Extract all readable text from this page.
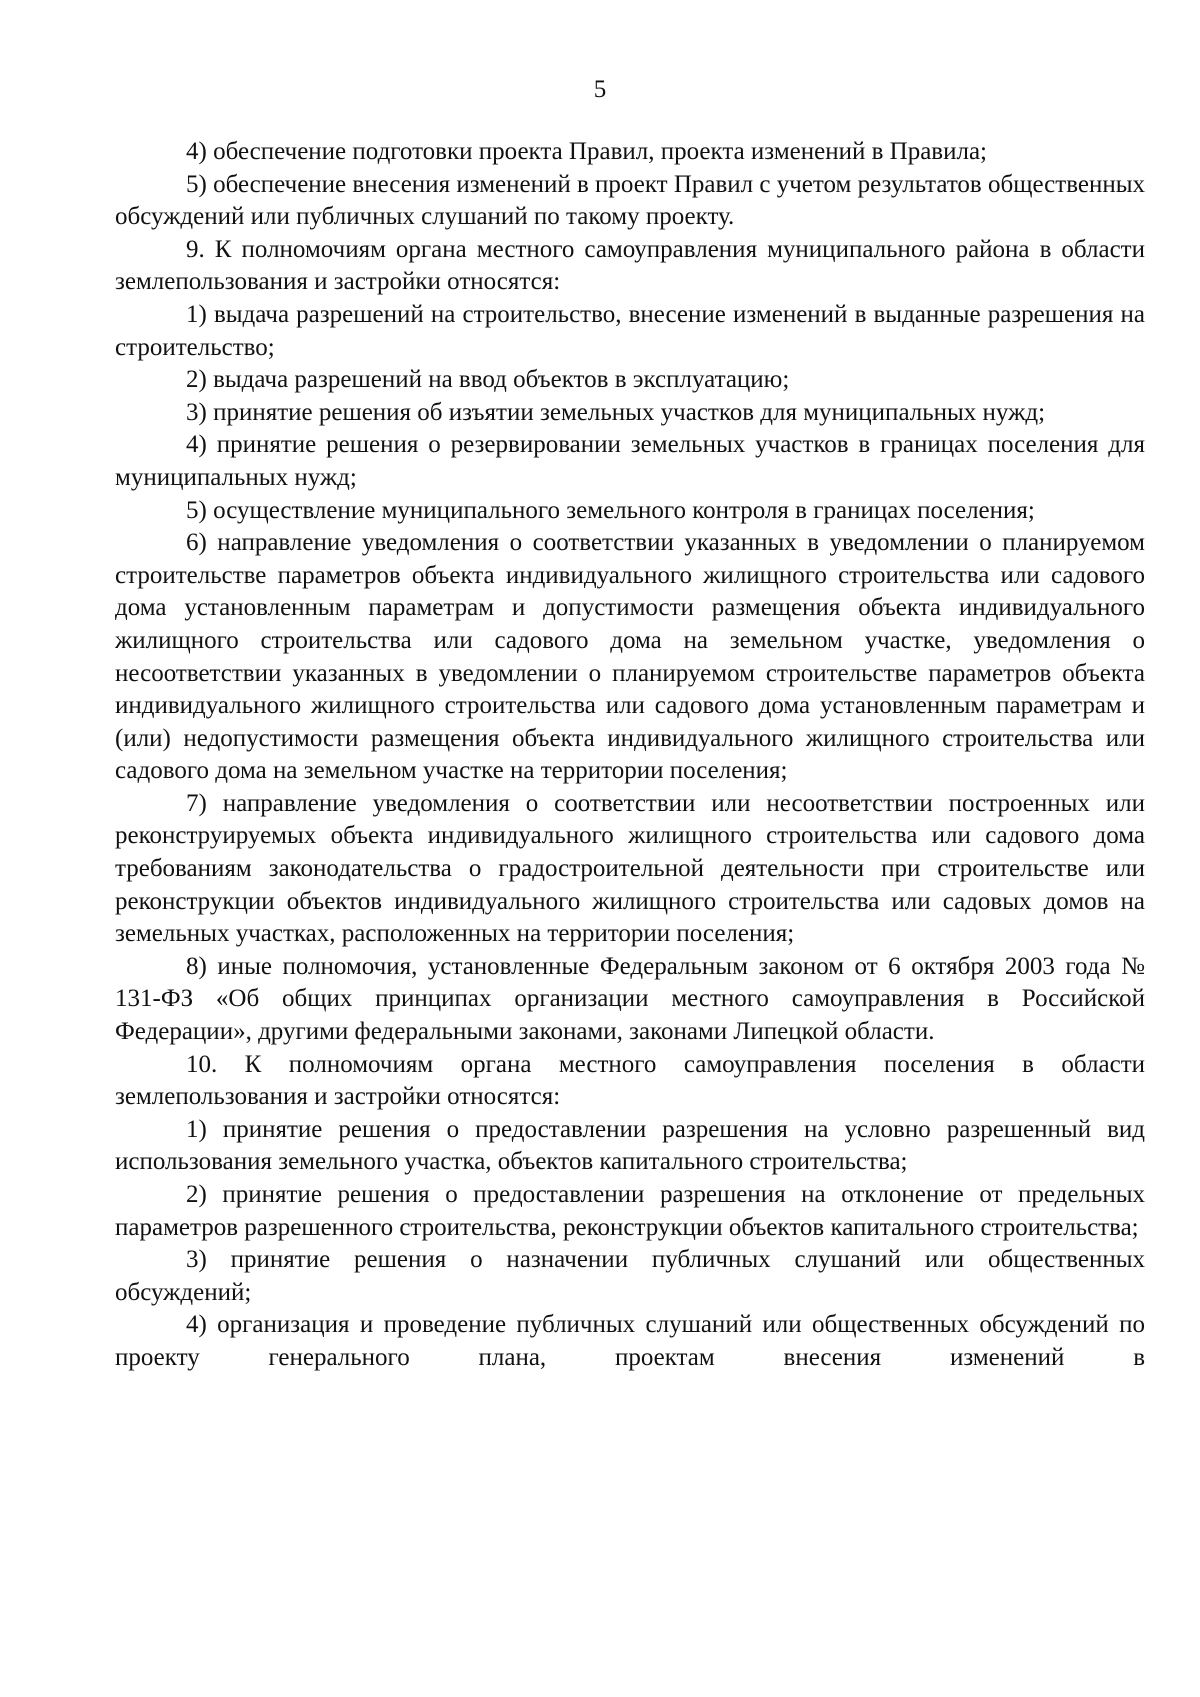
5

4) обеспечение подготовки проекта Правил, проекта изменений в Правила;

5) обеспечение внесения изменений в проект Правил с учетом результатов общественных обсуждений или публичных слушаний по такому проекту.

9. К полномочиям органа местного самоуправления муниципального района в области землепользования и застройки относятся:

1) выдача разрешений на строительство, внесение изменений в выданные разрешения на строительство;

2) выдача разрешений на ввод объектов в эксплуатацию;

3) принятие решения об изъятии земельных участков для муниципальных нужд;

4) принятие решения о резервировании земельных участков в границах поселения для муниципальных нужд;

5) осуществление муниципального земельного контроля в границах поселения;

6) направление уведомления о соответствии указанных в уведомлении о планируемом строительстве параметров объекта индивидуального жилищного строительства или садового дома установленным параметрам и допустимости размещения объекта индивидуального жилищного строительства или садового дома на земельном участке, уведомления о несоответствии указанных в уведомлении о планируемом строительстве параметров объекта индивидуального жилищного строительства или садового дома установленным параметрам и (или) недопустимости размещения объекта индивидуального жилищного строительства или садового дома на земельном участке на территории поселения;

7) направление уведомления о соответствии или несоответствии построенных или реконструируемых объекта индивидуального жилищного строительства или садового дома требованиям законодательства о градостроительной деятельности при строительстве или реконструкции объектов индивидуального жилищного строительства или садовых домов на земельных участках, расположенных на территории поселения;

8) иные полномочия, установленные Федеральным законом от 6 октября 2003 года № 131-ФЗ «Об общих принципах организации местного самоуправления в Российской Федерации», другими федеральными законами, законами Липецкой области.

10. К полномочиям органа местного самоуправления поселения в области землепользования и застройки относятся:

1) принятие решения о предоставлении разрешения на условно разрешенный вид использования земельного участка, объектов капитального строительства;

2) принятие решения о предоставлении разрешения на отклонение от предельных параметров разрешенного строительства, реконструкции объектов капитального строительства;

3) принятие решения о назначении публичных слушаний или общественных обсуждений;

4) организация и проведение публичных слушаний или общественных обсуждений по проекту генерального плана, проектам внесения изменений в
